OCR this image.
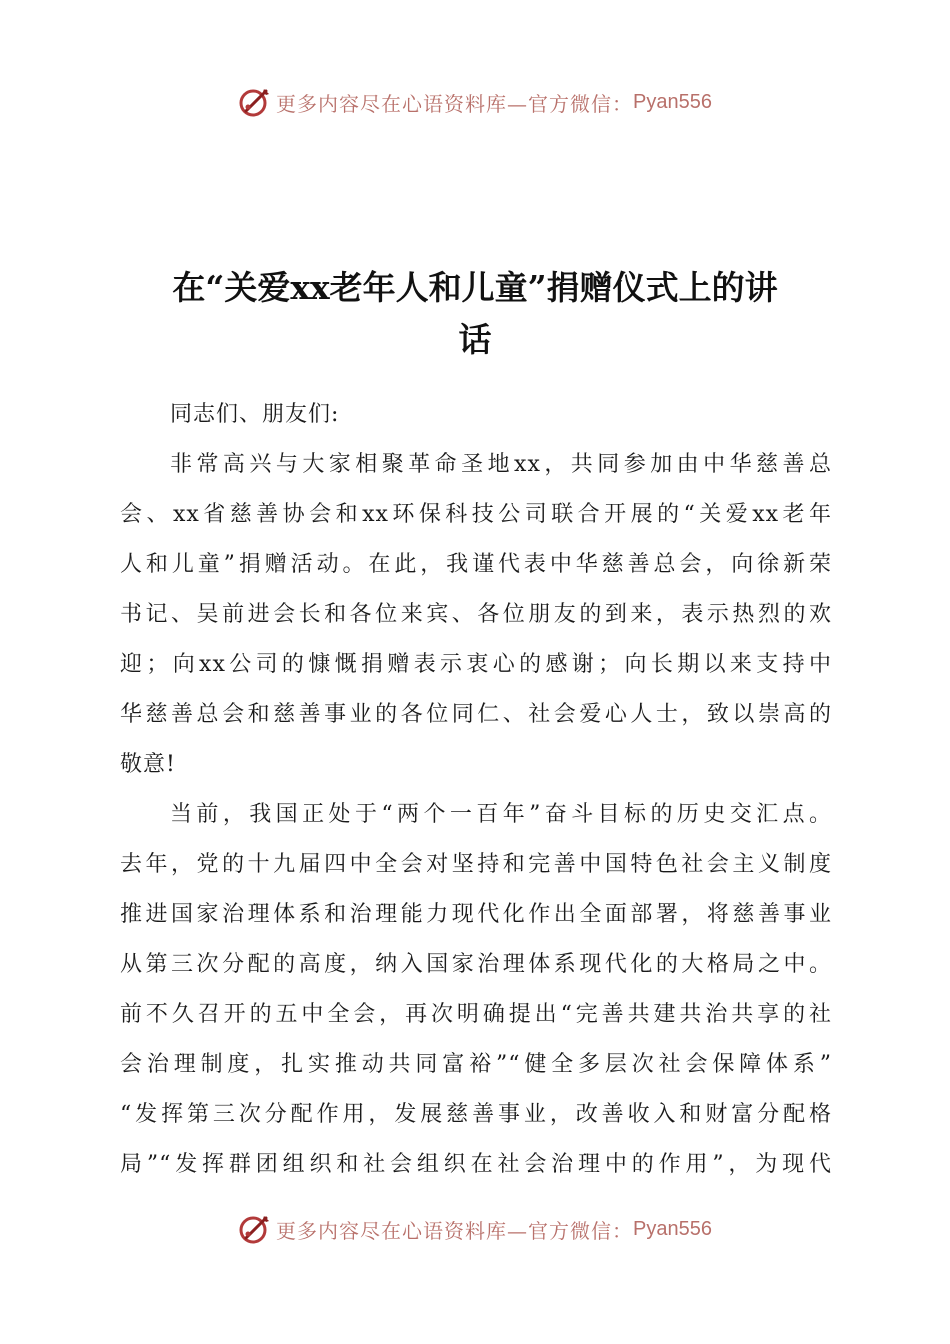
更多内容尽在心语资料库—官方微信： Pyan556
在“关爱xx老年人和儿童”捐赠仪式上的讲
话
同志们、朋友们:
非常高兴与大家相聚革命圣地xx，共同参加由中华慈善总
会、xx省慈善协会和xx环保科技公司联合开展的“关爱xx老年
人和儿童”捐赠活动。在此，我谨代表中华慈善总会，向徐新荣
书记、吴前进会长和各位来宾、各位朋友的到来，表示热烈的欢
迎；向xx公司的慷慨捐赠表示衷心的感谢；向长期以来支持中
华慈善总会和慈善事业的各位同仁、社会爱心人士，致以崇高的
敬意!
当前，我国正处于“两个一百年”奋斗目标的历史交汇点。
去年，党的十九届四中全会对坚持和完善中国特色社会主义制度
推进国家治理体系和治理能力现代化作出全面部署，将慈善事业
从第三次分配的高度，纳入国家治理体系现代化的大格局之中。
前不久召开的五中全会，再次明确提出“完善共建共治共享的社
会治理制度，扎实推动共同富裕”“健全多层次社会保障体系”
“发挥第三次分配作用，发展慈善事业，改善收入和财富分配格
局”“发挥群团组织和社会组织在社会治理中的作用”，为现代
更多内容尽在心语资料库—官方微信： Pyan556
